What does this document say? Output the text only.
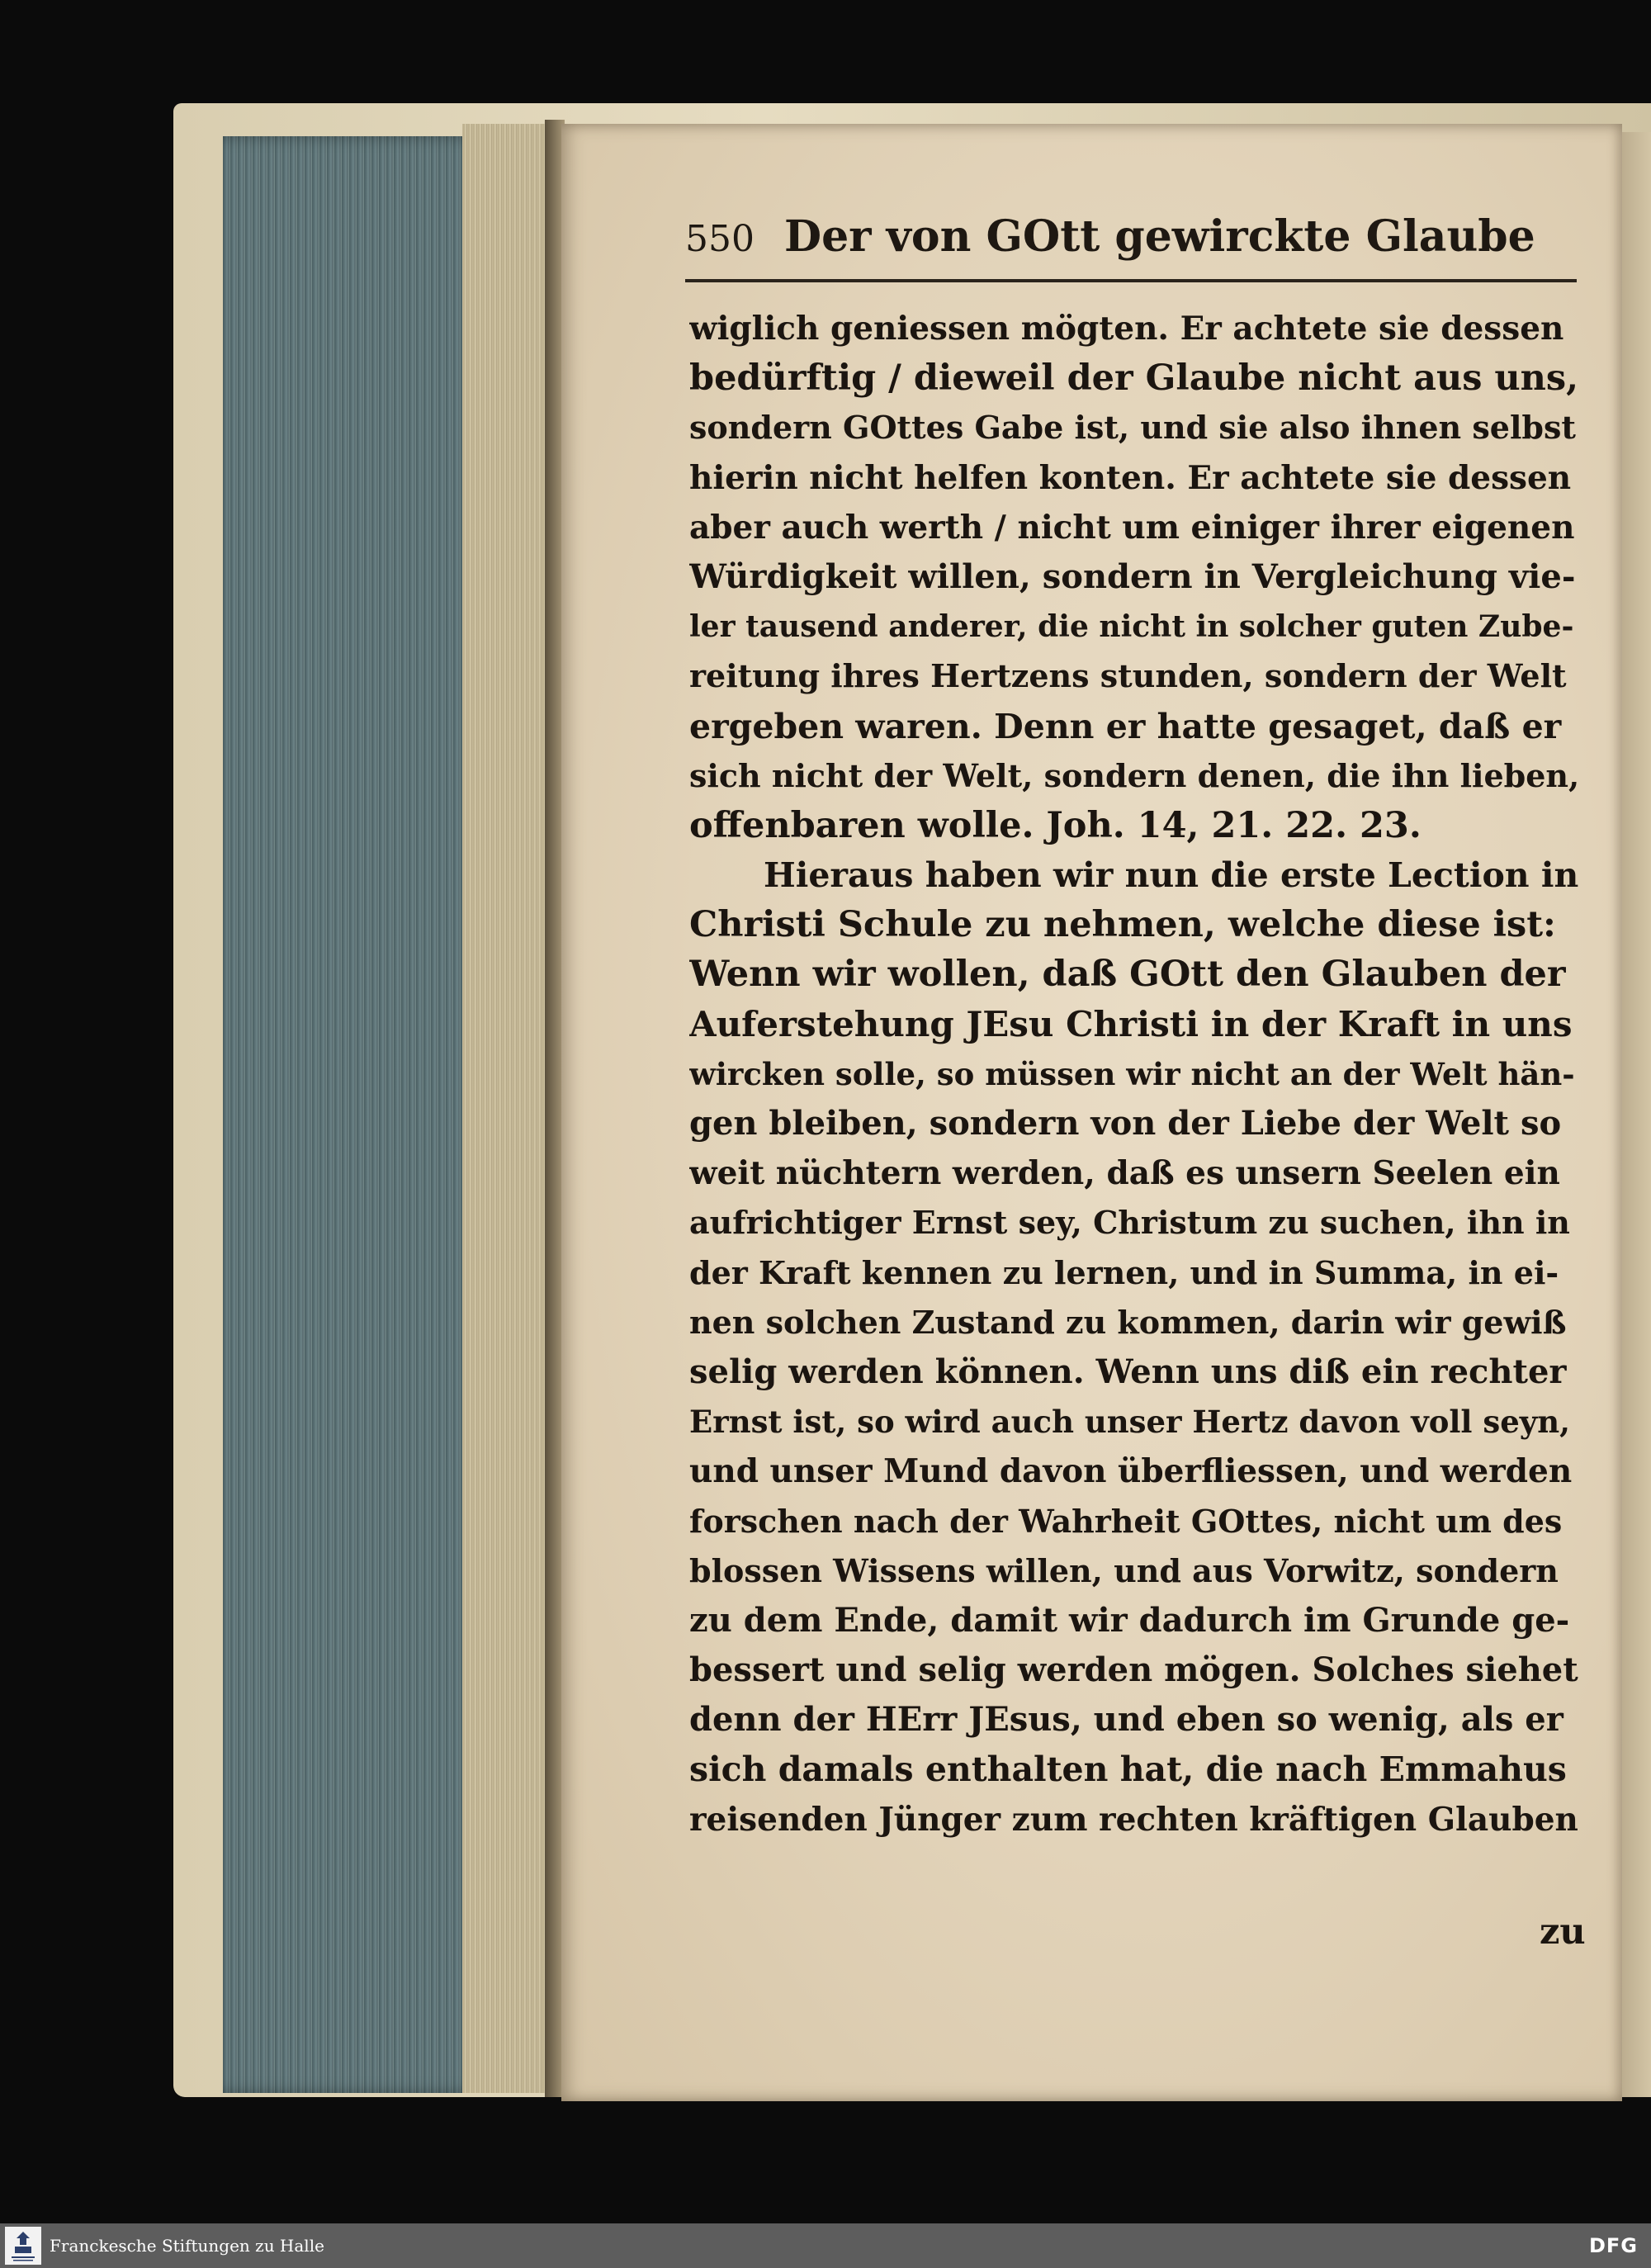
550 Der von GOtt gewirckte Glaube
wiglich geniessen mögten. Er achtete sie dessen
bedürftig / dieweil der Glaube nicht aus uns,
sondern GOttes Gabe ist, und sie also ihnen selbst
hierin nicht helfen konten. Er achtete sie dessen
aber auch werth / nicht um einiger ihrer eigenen
Würdigkeit willen, sondern in Vergleichung vie-
ler tausend anderer, die nicht in solcher guten Zube-
reitung ihres Hertzens stunden, sondern der Welt
ergeben waren. Denn er hatte gesaget, daß er
sich nicht der Welt, sondern denen, die ihn lieben,
offenbaren wolle. Joh. 14, 21. 22. 23.
Hieraus haben wir nun die erste Lection in
Christi Schule zu nehmen, welche diese ist:
Wenn wir wollen, daß GOtt den Glauben der
Auferstehung JEsu Christi in der Kraft in uns
wircken solle, so müssen wir nicht an der Welt hän-
gen bleiben, sondern von der Liebe der Welt so
weit nüchtern werden, daß es unsern Seelen ein
aufrichtiger Ernst sey, Christum zu suchen, ihn in
der Kraft kennen zu lernen, und in Summa, in ei-
nen solchen Zustand zu kommen, darin wir gewiß
selig werden können. Wenn uns diß ein rechter
Ernst ist, so wird auch unser Hertz davon voll seyn,
und unser Mund davon überfliessen, und werden
forschen nach der Wahrheit GOttes, nicht um des
blossen Wissens willen, und aus Vorwitz, sondern
zu dem Ende, damit wir dadurch im Grunde ge-
bessert und selig werden mögen. Solches siehet
denn der HErr JEsus, und eben so wenig, als er
sich damals enthalten hat, die nach Emmahus
reisenden Jünger zum rechten kräftigen Glauben
zu
Franckesche Stiftungen zu Halle	DFG
